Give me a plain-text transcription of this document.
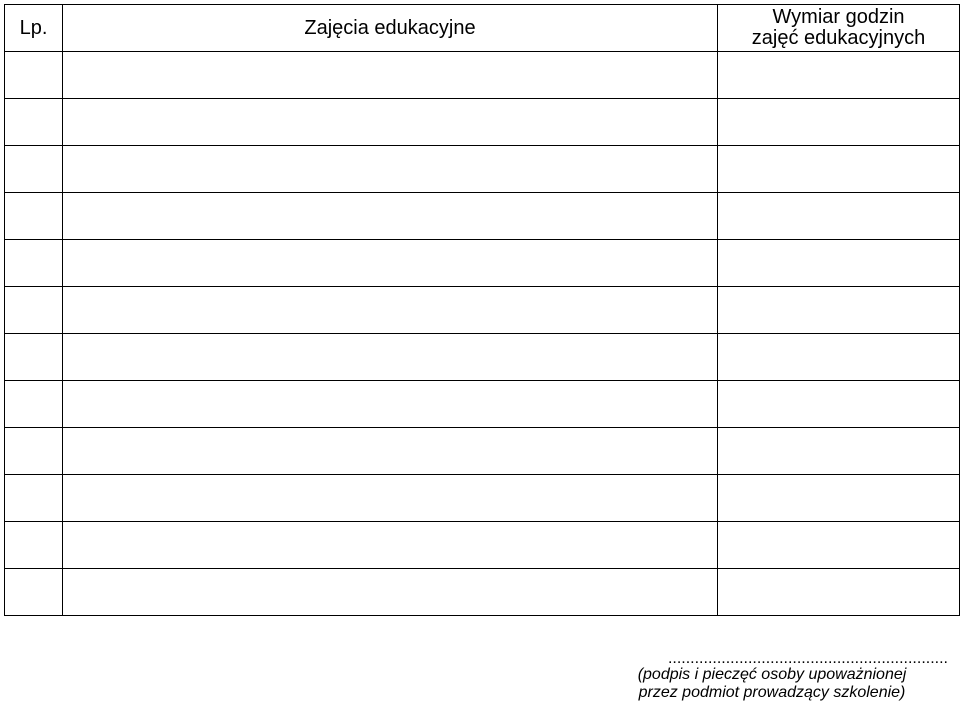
Lp.	Zajęcia edukacyjne	Wymiar godzin
zajęć edukacyjnych

...............................................................
(podpis i pieczęć osoby upoważnionej
przez podmiot prowadzący szkolenie)
